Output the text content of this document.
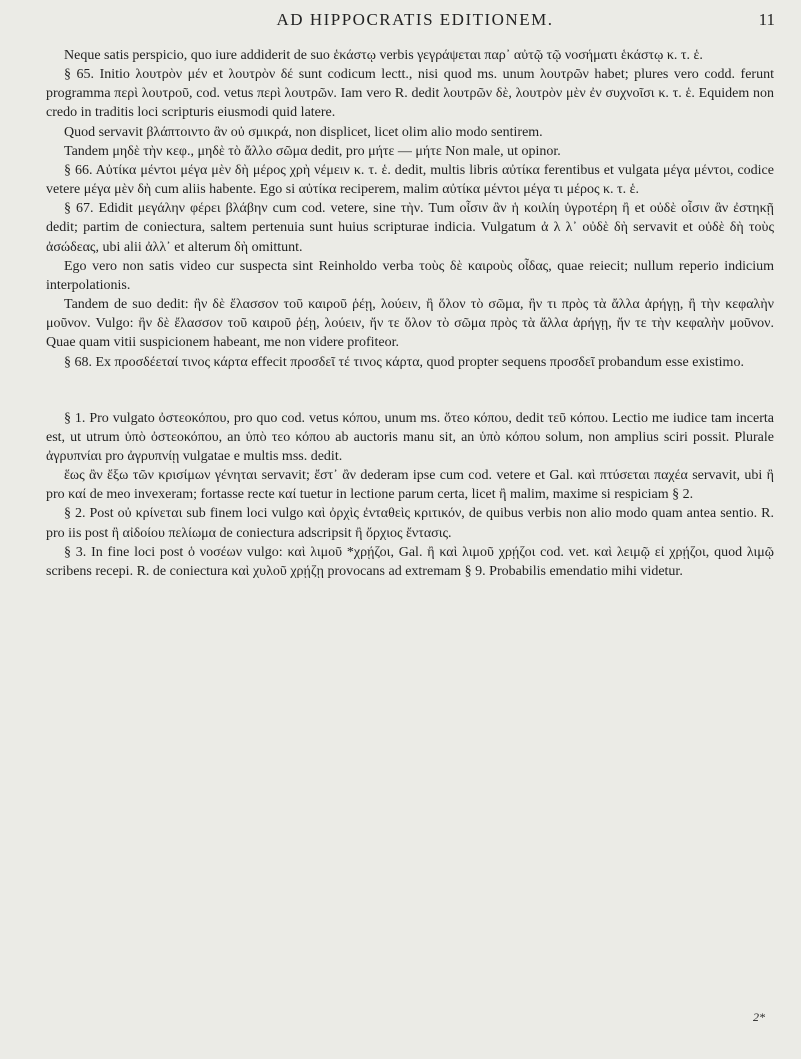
AD HIPPOCRATIS EDITIONEM.	11

Neque satis perspicio, quo iure addiderit de suo ἑκάστῳ verbis γεγράψεται παρ᾽ αὐτῷ τῷ νοσήματι ἑκάστῳ κ. τ. ἑ.

§ 65. Initio λουτρὸν μέν et λουτρὸν δέ sunt codicum lectt., nisi quod ms. unum λουτρῶν habet; plures vero codd. ferunt programma περὶ λουτροῦ, cod. vetus περὶ λουτρῶν. Iam vero R. dedit λουτρῶν δὲ, λουτρὸν μὲν ἐν συχνοῖσι κ. τ. ἑ. Equidem non credo in traditis loci scripturis eiusmodi quid latere.

Quod servavit βλάπτοιντο ἂν οὐ σμικρά, non displicet, licet olim alio modo sentirem.

Tandem μηδὲ τὴν κεφ., μηδὲ τὸ ἄλλο σῶμα dedit, pro μήτε — μήτε Non male, ut opinor.

§ 66. Αὐτίκα μέντοι μέγα μὲν δὴ μέρος χρὴ νέμειν κ. τ. ἑ. dedit, multis libris αὐτίκα ferentibus et vulgata μέγα μέντοι, codice vetere μέγα μὲν δὴ cum aliis habente. Ego si αὐτίκα reciperem, malim αὐτίκα μέντοι μέγα τι μέρος κ. τ. ἑ.

§ 67. Edidit μεγάλην φέρει βλάβην cum cod. vetere, sine τὴν. Tum οἷσιν ἂν ἡ κοιλίη ὑγροτέρη ἢ et οὐδὲ οἷσιν ἂν ἐστηκῇ dedit; partim de coniectura, saltem pertenuia sunt huius scripturae indicia. Vulgatum ἀ λ λ᾽ οὐδὲ δὴ servavit et οὐδὲ δὴ τοὺς ἀσώδεας, ubi alii ἀλλ᾽ et alterum δὴ omittunt.

Ego vero non satis video cur suspecta sint Reinholdo verba τοὺς δὲ καιροὺς οἶδας, quae reiecit; nullum reperio indicium interpolationis.

Tandem de suo dedit: ἢν δὲ ἔλασσον τοῦ καιροῦ ῥέῃ, λούειν, ἢ ὅλον τὸ σῶμα, ἢν τι πρὸς τὰ ἄλλα ἀρήγῃ, ἢ τὴν κεφαλὴν μοῦνον. Vulgo: ἢν δὲ ἔλασσον τοῦ καιροῦ ῥέῃ, λούειν, ἤν τε ὅλον τὸ σῶμα πρὸς τὰ ἄλλα ἀρήγῃ, ἤν τε τὴν κεφαλὴν μοῦνον. Quae quam vitii suspicionem habeant, me non videre profiteor.

§ 68. Ex προσδέεταί τινος κάρτα effecit προσδεῖ τέ τινος κάρτα, quod propter sequens προσδεῖ probandum esse existimo.

§ 1. Pro vulgato ὀστεοκόπου, pro quo cod. vetus κόπου, unum ms. ὅτεο κόπου, dedit τεῦ κόπου. Lectio me iudice tam incerta est, ut utrum ὑπὸ ὀστεοκόπου, an ὑπὸ τεο κόπου ab auctoris manu sit, an ὑπὸ κόπου solum, non amplius sciri possit. Plurale ἀγρυπνίαι pro ἀγρυπνίῃ vulgatae e multis mss. dedit.

ἕως ἂν ἔξω τῶν κρισίμων γένηται servavit; ἔστ᾽ ἂν dederam ipse cum cod. vetere et Gal. καὶ πτύσεται παχέα servavit, ubi ἢ pro καί de meo invexeram; fortasse recte καί tuetur in lectione parum certa, licet ἢ malim, maxime si respiciam § 2.

§ 2. Post οὐ κρίνεται sub finem loci vulgo καὶ ὀρχὶς ἐνταθεὶς κριτικόν, de quibus verbis non alio modo quam antea sentio. R. pro iis post ἢ αἰδοίου πελίωμα de coniectura adscripsit ἢ ὄρχιος ἔντασις.

§ 3. In fine loci post ὁ νοσέων vulgo: καὶ λιμοῦ *χρῄζοι, Gal. ἢ καὶ λιμοῦ χρῄζοι cod. vet. καὶ λειμῷ εἰ χρῄζοι, quod λιμῷ scribens recepi. R. de coniectura καὶ χυλοῦ χρῄζῃ provocans ad extremam § 9. Probabilis emendatio mihi videtur.

2*
